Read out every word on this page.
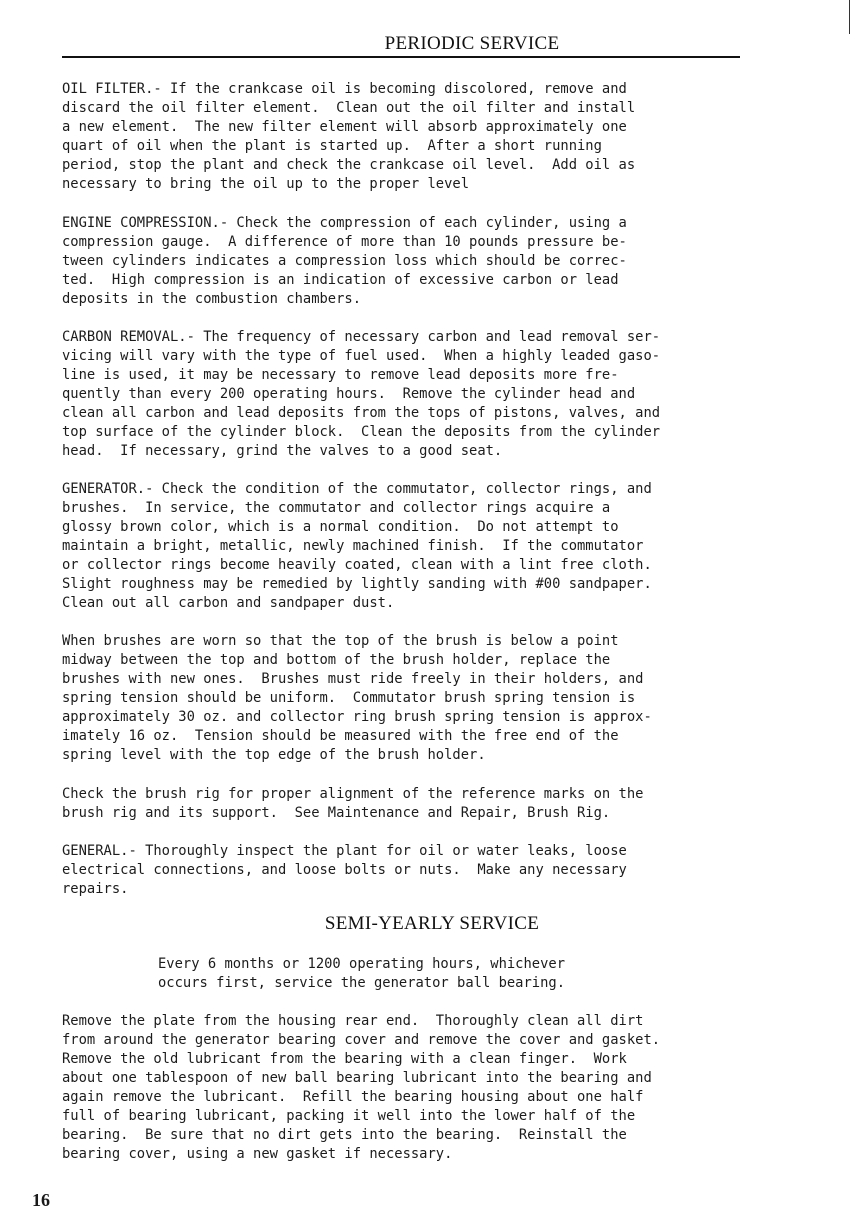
PERIODIC SERVICE
OIL FILTER.- If the crankcase oil is becoming discolored, remove and
discard the oil filter element.  Clean out the oil filter and install
a new element.  The new filter element will absorb approximately one
quart of oil when the plant is started up.  After a short running
period, stop the plant and check the crankcase oil level.  Add oil as
necessary to bring the oil up to the proper level
ENGINE COMPRESSION.- Check the compression of each cylinder, using a
compression gauge.  A difference of more than 10 pounds pressure be-
tween cylinders indicates a compression loss which should be correc-
ted.  High compression is an indication of excessive carbon or lead
deposits in the combustion chambers.
CARBON REMOVAL.- The frequency of necessary carbon and lead removal ser-
vicing will vary with the type of fuel used.  When a highly leaded gaso-
line is used, it may be necessary to remove lead deposits more fre-
quently than every 200 operating hours.  Remove the cylinder head and
clean all carbon and lead deposits from the tops of pistons, valves, and
top surface of the cylinder block.  Clean the deposits from the cylinder
head.  If necessary, grind the valves to a good seat.
GENERATOR.- Check the condition of the commutator, collector rings, and
brushes.  In service, the commutator and collector rings acquire a
glossy brown color, which is a normal condition.  Do not attempt to
maintain a bright, metallic, newly machined finish.  If the commutator
or collector rings become heavily coated, clean with a lint free cloth.
Slight roughness may be remedied by lightly sanding with #00 sandpaper.
Clean out all carbon and sandpaper dust.
When brushes are worn so that the top of the brush is below a point
midway between the top and bottom of the brush holder, replace the
brushes with new ones.  Brushes must ride freely in their holders, and
spring tension should be uniform.  Commutator brush spring tension is
approximately 30 oz. and collector ring brush spring tension is approx-
imately 16 oz.  Tension should be measured with the free end of the
spring level with the top edge of the brush holder.
Check the brush rig for proper alignment of the reference marks on the
brush rig and its support.  See Maintenance and Repair, Brush Rig.
GENERAL.- Thoroughly inspect the plant for oil or water leaks, loose
electrical connections, and loose bolts or nuts.  Make any necessary
repairs.
SEMI-YEARLY SERVICE
Every 6 months or 1200 operating hours, whichever
occurs first, service the generator ball bearing.
Remove the plate from the housing rear end.  Thoroughly clean all dirt
from around the generator bearing cover and remove the cover and gasket.
Remove the old lubricant from the bearing with a clean finger.  Work
about one tablespoon of new ball bearing lubricant into the bearing and
again remove the lubricant.  Refill the bearing housing about one half
full of bearing lubricant, packing it well into the lower half of the
bearing.  Be sure that no dirt gets into the bearing.  Reinstall the
bearing cover, using a new gasket if necessary.
16
